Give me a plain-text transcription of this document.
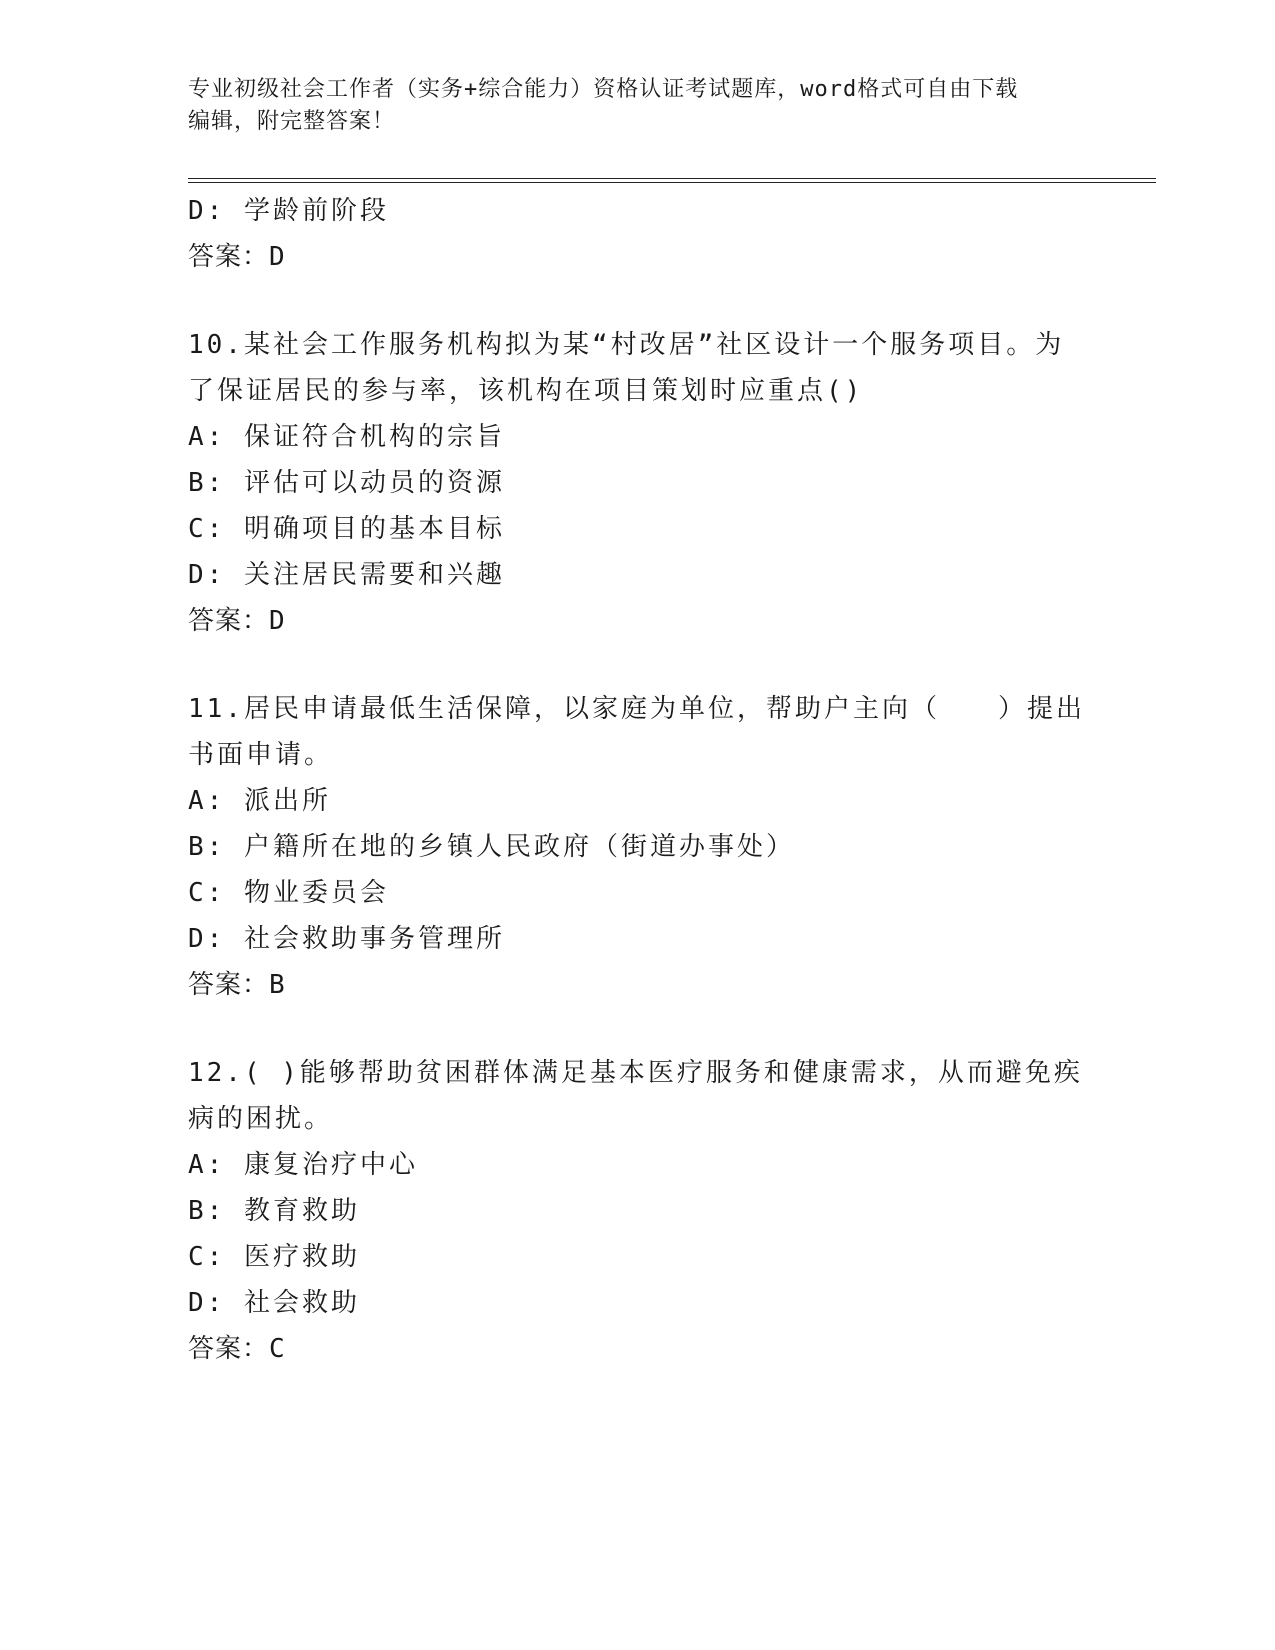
专业初级社会工作者（实务+综合能力）资格认证考试题库，word格式可自由下载
编辑，附完整答案！
D: 学龄前阶段
答案：D
10.某社会工作服务机构拟为某“村改居”社区设计一个服务项目。为
了保证居民的参与率，该机构在项目策划时应重点()
A: 保证符合机构的宗旨
B: 评估可以动员的资源
C: 明确项目的基本目标
D: 关注居民需要和兴趣
答案：D
11.居民申请最低生活保障，以家庭为单位，帮助户主向（　　）提出
书面申请。
A: 派出所
B: 户籍所在地的乡镇人民政府（街道办事处）
C: 物业委员会
D: 社会救助事务管理所
答案：B
12.( )能够帮助贫困群体满足基本医疗服务和健康需求，从而避免疾
病的困扰。
A: 康复治疗中心
B: 教育救助
C: 医疗救助
D: 社会救助
答案：C
